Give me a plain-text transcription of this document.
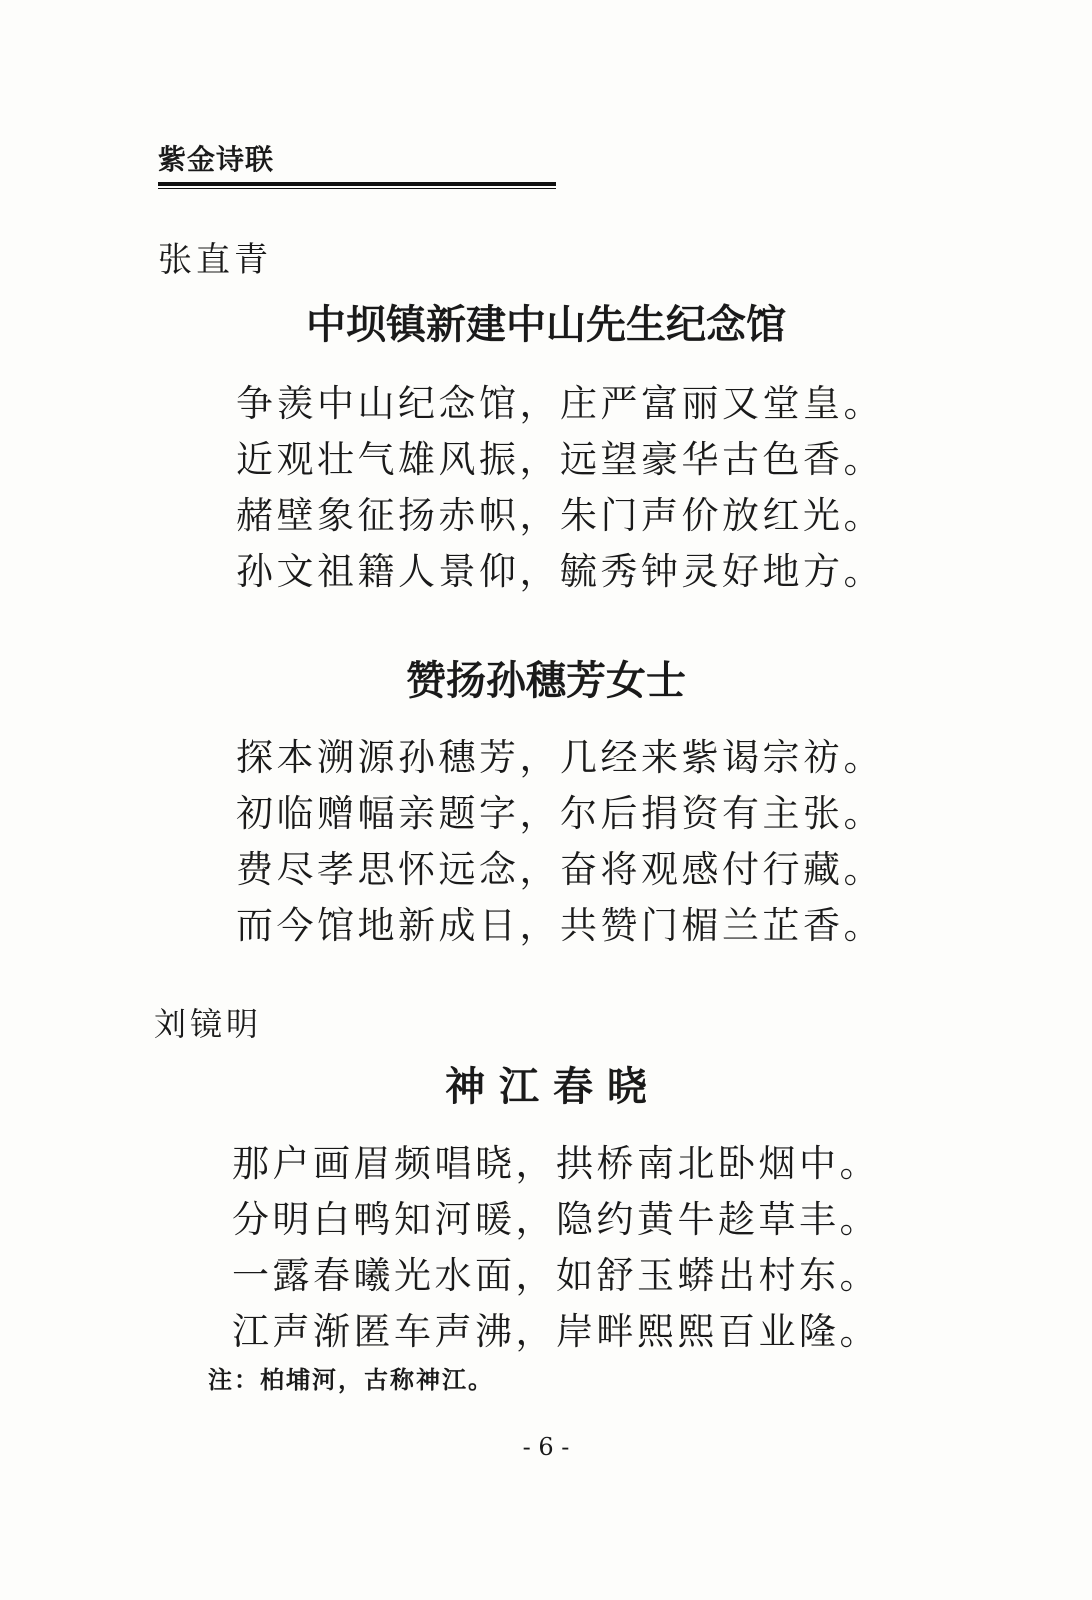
紫金诗联
张直青
中坝镇新建中山先生纪念馆
争羡中山纪念馆，庄严富丽又堂皇。
近观壮气雄风振，远望豪华古色香。
赭壁象征扬赤帜，朱门声价放红光。
孙文祖籍人景仰，毓秀钟灵好地方。
赞扬孙穗芳女士
探本溯源孙穗芳，几经来紫谒宗祊。
初临赠幅亲题字，尔后捐资有主张。
费尽孝思怀远念，奋将观感付行藏。
而今馆地新成日，共赞门楣兰芷香。
刘镜明
神 江 春 晓
那户画眉频唱晓，拱桥南北卧烟中。
分明白鸭知河暖，隐约黄牛趁草丰。
一露春曦光水面，如舒玉蟒出村东。
江声渐匿车声沸，岸畔熙熙百业隆。
注：柏埔河，古称神江。
- 6 -
